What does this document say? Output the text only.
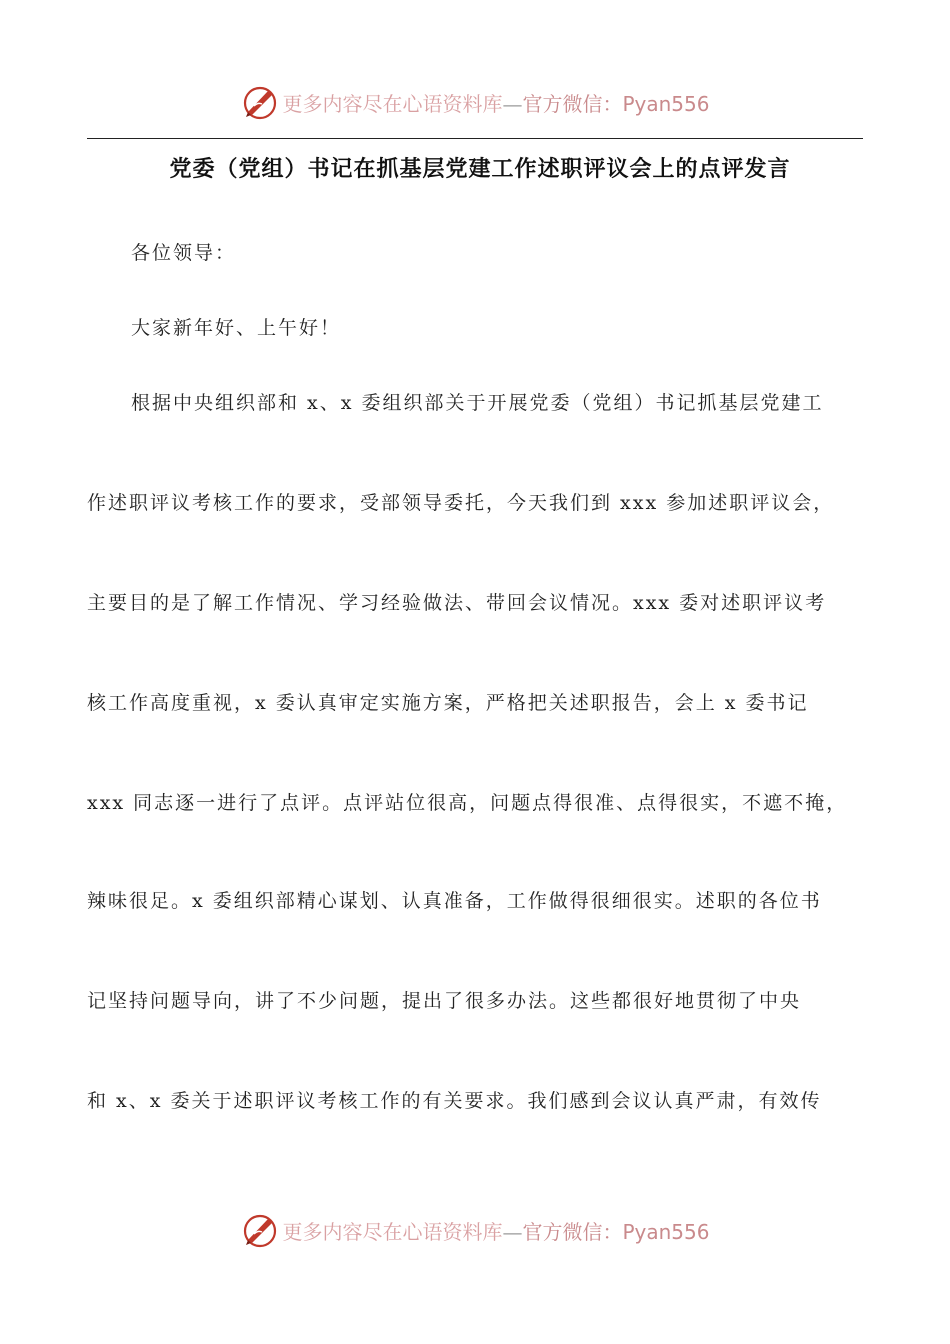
更多内容尽在心语资料库—官方微信：Pyan556
党委（党组）书记在抓基层党建工作述职评议会上的点评发言
各位领导：
大家新年好、上午好！
根据中央组织部和 x、x 委组织部关于开展党委（党组）书记抓基层党建工
作述职评议考核工作的要求，受部领导委托，今天我们到 xxx 参加述职评议会，
主要目的是了解工作情况、学习经验做法、带回会议情况。xxx 委对述职评议考
核工作高度重视，x 委认真审定实施方案，严格把关述职报告，会上 x 委书记
xxx 同志逐一进行了点评。点评站位很高，问题点得很准、点得很实，不遮不掩，
辣味很足。x 委组织部精心谋划、认真准备，工作做得很细很实。述职的各位书
记坚持问题导向，讲了不少问题，提出了很多办法。这些都很好地贯彻了中央
和 x、x 委关于述职评议考核工作的有关要求。我们感到会议认真严肃，有效传
更多内容尽在心语资料库—官方微信：Pyan556
